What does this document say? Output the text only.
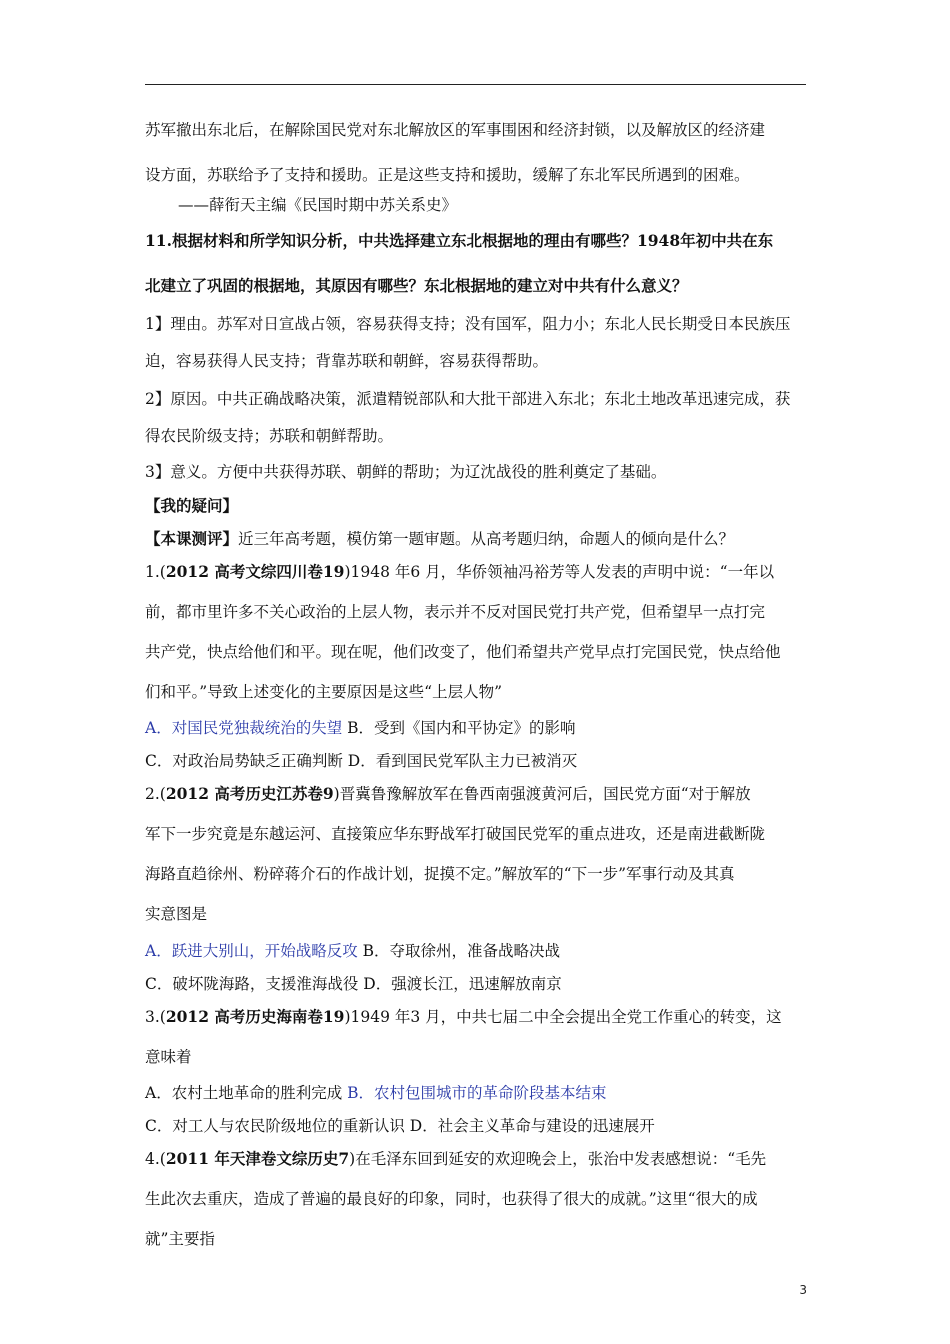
苏军撤出东北后，在解除国民党对东北解放区的军事围困和经济封锁，以及解放区的经济建
设方面，苏联给予了支持和援助。正是这些支持和援助，缓解了东北军民所遇到的困难。
——薛衔天主编《民国时期中苏关系史》
11.根据材料和所学知识分析，中共选择建立东北根据地的理由有哪些？1948年初中共在东
北建立了巩固的根据地，其原因有哪些？东北根据地的建立对中共有什么意义？
1】理由。苏军对日宣战占领，容易获得支持；没有国军，阻力小；东北人民长期受日本民族压
迫，容易获得人民支持；背靠苏联和朝鲜，容易获得帮助。
2】原因。中共正确战略决策，派遣精锐部队和大批干部进入东北；东北土地改革迅速完成，获
得农民阶级支持；苏联和朝鲜帮助。
3】意义。方便中共获得苏联、朝鲜的帮助；为辽沈战役的胜利奠定了基础。
【我的疑问】
【本课测评】近三年高考题，模仿第一题审题。从高考题归纳，命题人的倾向是什么？
1.(2012 高考文综四川卷19)1948 年6 月，华侨领袖冯裕芳等人发表的声明中说：“一年以
前，都市里许多不关心政治的上层人物，表示并不反对国民党打共产党，但希望早一点打完
共产党，快点给他们和平。现在呢，他们改变了，他们希望共产党早点打完国民党，快点给他
们和平。”导致上述变化的主要原因是这些“上层人物”
A．对国民党独裁统治的失望 B．受到《国内和平协定》的影响
C．对政治局势缺乏正确判断 D．看到国民党军队主力已被消灭
2.(2012 高考历史江苏卷9)晋冀鲁豫解放军在鲁西南强渡黄河后，国民党方面“对于解放
军下一步究竟是东越运河、直接策应华东野战军打破国民党军的重点进攻，还是南进截断陇
海路直趋徐州、粉碎蒋介石的作战计划，捉摸不定。”解放军的“下一步”军事行动及其真
实意图是
A．跃进大别山，开始战略反攻 B．夺取徐州，准备战略决战
C．破坏陇海路，支援淮海战役 D．强渡长江，迅速解放南京
3.(2012 高考历史海南卷19)1949 年3 月，中共七届二中全会提出全党工作重心的转变，这
意味着
A．农村土地革命的胜利完成 B．农村包围城市的革命阶段基本结束
C．对工人与农民阶级地位的重新认识 D．社会主义革命与建设的迅速展开
4.(2011 年天津卷文综历史7)在毛泽东回到延安的欢迎晚会上，张治中发表感想说：“毛先
生此次去重庆，造成了普遍的最良好的印象，同时，也获得了很大的成就。”这里“很大的成
就”主要指
3
